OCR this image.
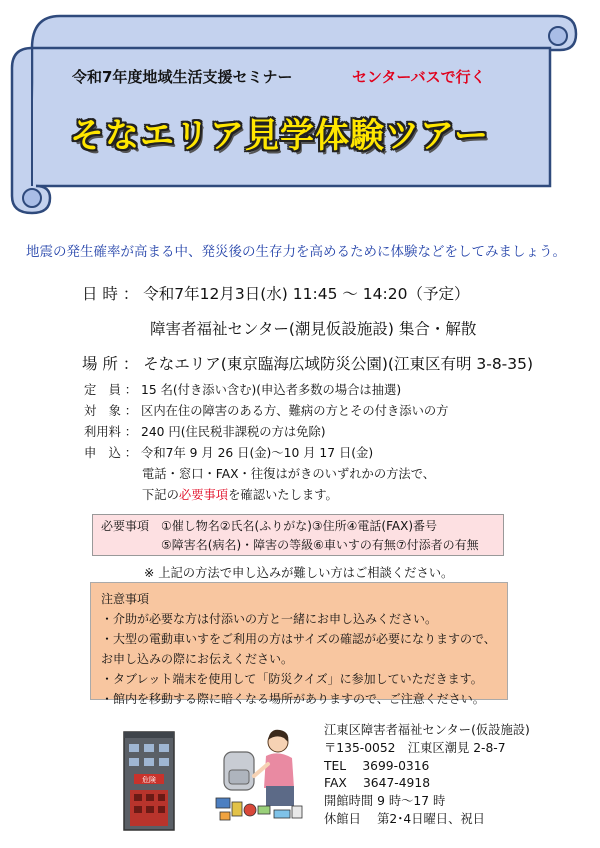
令和7年度地域生活支援セミナー	センターバスで行く
そなエリア見学体験ツアー
地震の発生確率が高まる中、発災後の生存力を高めるために体験などをしてみましょう。
日 時 ： 令和7年12月3日(水) 11:45 ～ 14:20（予定）
障害者福祉センター(潮見仮設施設) 集合・解散
場 所 ： そなエリア(東京臨海広域防災公園)(江東区有明 3-8-35)
定　員 ： 15 名(付き添い含む)(申込者多数の場合は抽選)
対　象 ： 区内在住の障害のある方、難病の方とその付き添いの方
利用料 ： 240 円(住民税非課税の方は免除)
申　込 ： 令和7年 9 月 26 日(金)～10 月 17 日(金)
電話・窓口・FAX・往復はがきのいずれかの方法で、
下記の必要事項を確認いたします。
必要事項　 ①催し物名②氏名(ふりがな)③住所④電話(FAX)番号
⑤障害名(病名)・障害の等級⑥車いすの有無⑦付添者の有無
※ 上記の方法で申し込みが難しい方はご相談ください。
注意事項
・介助が必要な方は付添いの方と一緒にお申し込みください。
・大型の電動車いすをご利用の方はサイズの確認が必要になりますので、
お申し込みの際にお伝えください。
・タブレット端末を使用して「防災クイズ」に参加していただきます。
・館内を移動する際に暗くなる場所がありますので、ご注意ください。
危険
江東区障害者福祉センター(仮設施設)
〒135-0052　江東区潮見 2-8-7
TEL　 3699-0316
FAX　 3647-4918
開館時間 9 時～17 時
休館日　 第2･4日曜日、祝日
